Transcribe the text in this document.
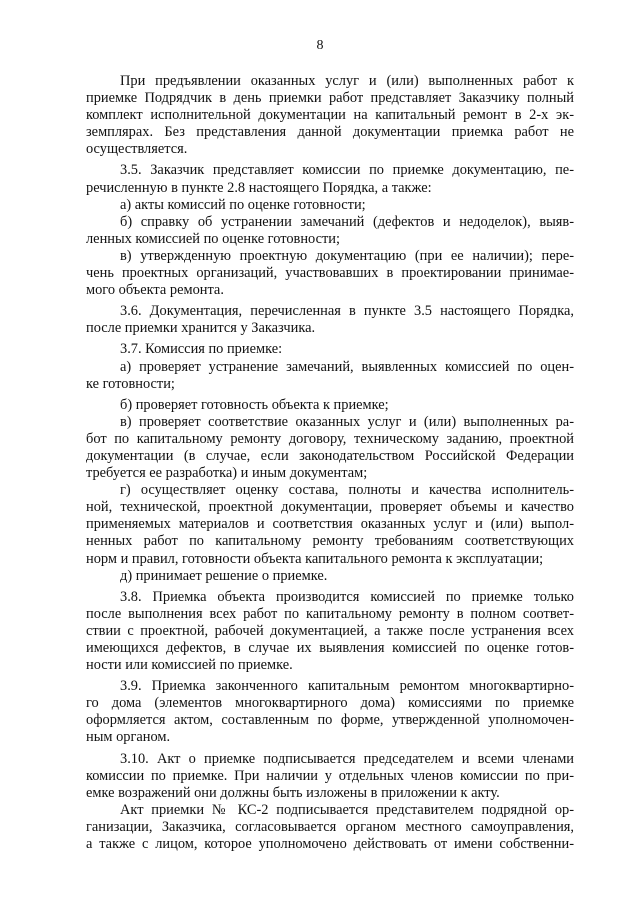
8
При предъявлении оказанных услуг и (или) выполненных работ к
приемке Подрядчик в день приемки работ представляет Заказчику полный
комплект исполнительной документации на капитальный ремонт в 2-х эк-
земплярах. Без представления данной документации приемка работ не
осуществляется.
3.5. Заказчик представляет комиссии по приемке документацию, пе-
речисленную в пункте 2.8 настоящего Порядка, а также:
а) акты комиссий по оценке готовности;
б) справку об устранении замечаний (дефектов и недоделок), выяв-
ленных комиссией по оценке готовности;
в) утвержденную проектную документацию (при ее наличии); пере-
чень проектных организаций, участвовавших в проектировании принимае-
мого объекта ремонта.
3.6. Документация, перечисленная в пункте 3.5 настоящего Порядка,
после приемки хранится у Заказчика.
3.7. Комиссия по приемке:
а) проверяет устранение замечаний, выявленных комиссией по оцен-
ке готовности;
б) проверяет готовность объекта к приемке;
в) проверяет соответствие оказанных услуг и (или) выполненных ра-
бот по капитальному ремонту договору, техническому заданию, проектной
документации (в случае, если законодательством Российской Федерации
требуется ее разработка) и иным документам;
г) осуществляет оценку состава, полноты и качества исполнитель-
ной, технической, проектной документации, проверяет объемы и качество
применяемых материалов и соответствия оказанных услуг и (или) выпол-
ненных работ по капитальному ремонту требованиям соответствующих
норм и правил, готовности объекта капитального ремонта к эксплуатации;
д) принимает решение о приемке.
3.8. Приемка объекта производится комиссией по приемке только
после выполнения всех работ по капитальному ремонту в полном соответ-
ствии с проектной, рабочей документацией, а также после устранения всех
имеющихся дефектов, в случае их выявления комиссией по оценке готов-
ности или комиссией по приемке.
3.9. Приемка законченного капитальным ремонтом многоквартирно-
го дома (элементов многоквартирного дома) комиссиями по приемке
оформляется актом, составленным по форме, утвержденной уполномочен-
ным органом.
3.10. Акт о приемке подписывается председателем и всеми членами
комиссии по приемке. При наличии у отдельных членов комиссии по при-
емке возражений они должны быть изложены в приложении к акту.
Акт приемки № КС-2 подписывается представителем подрядной ор-
ганизации, Заказчика, согласовывается органом местного самоуправления,
а также с лицом, которое уполномочено действовать от имени собственни-
